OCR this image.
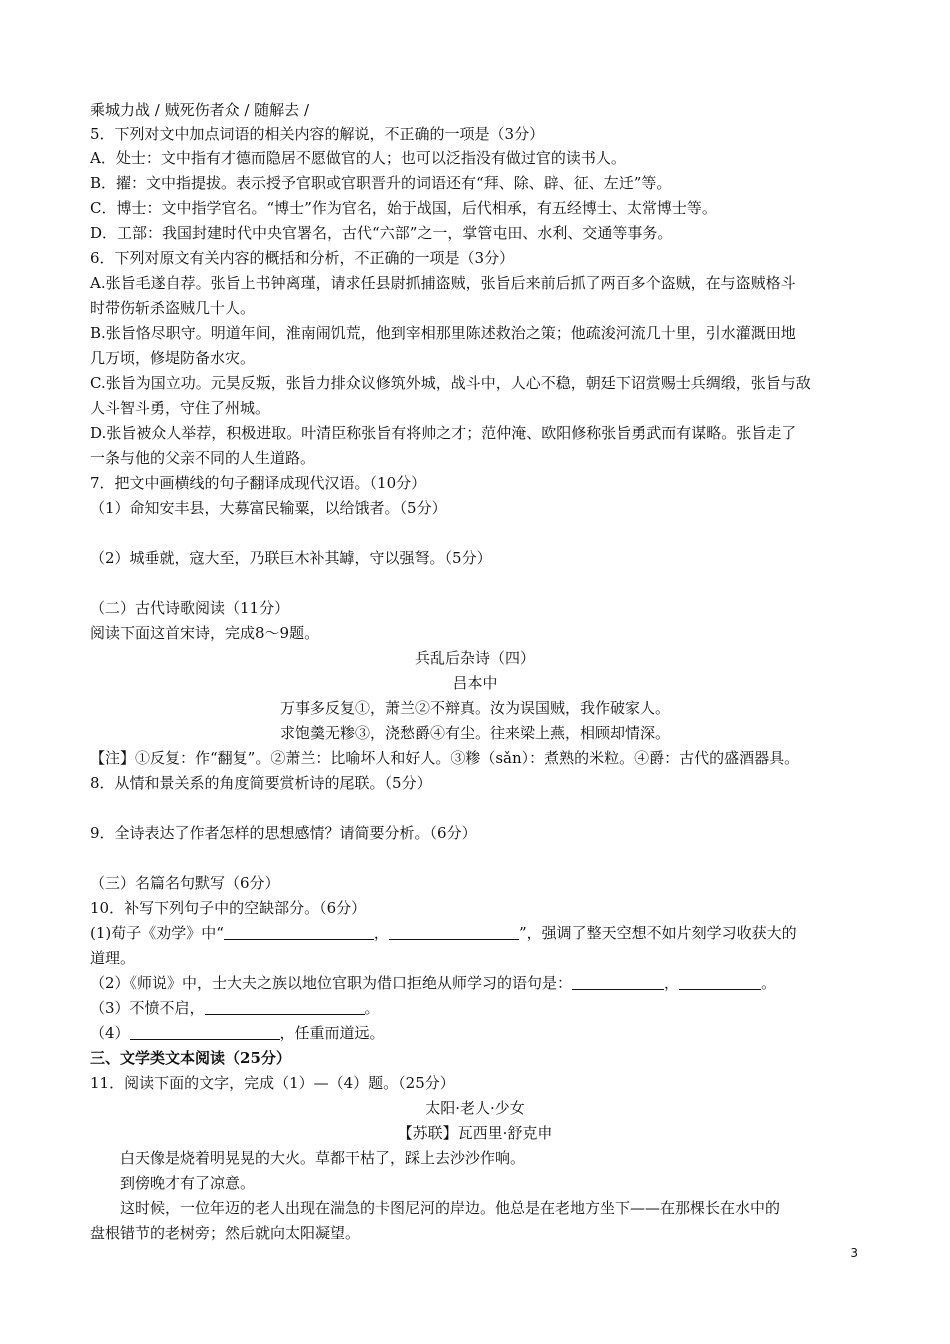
乘城力战 / 贼死伤者众 / 随解去 /
5．下列对文中加点词语的相关内容的解说，不正确的一项是（3分）
A．处士：文中指有才德而隐居不愿做官的人；也可以泛指没有做过官的读书人。
B．擢：文中指提拔。表示授予官职或官职晋升的词语还有“拜、除、辟、征、左迁”等。
C．博士：文中指学官名。“博士”作为官名，始于战国，后代相承，有五经博士、太常博士等。
D．工部：我国封建时代中央官署名，古代“六部”之一，掌管屯田、水利、交通等事务。
6．下列对原文有关内容的概括和分析，不正确的一项是（3分）
A.张旨毛遂自荐。张旨上书钟离瑾，请求任县尉抓捕盗贼，张旨后来前后抓了两百多个盗贼，在与盗贼格斗
时带伤斩杀盗贼几十人。
B.张旨恪尽职守。明道年间，淮南闹饥荒，他到宰相那里陈述救治之策；他疏浚河流几十里，引水灌溉田地
几万顷，修堤防备水灾。
C.张旨为国立功。元昊反叛，张旨力排众议修筑外城，战斗中，人心不稳，朝廷下诏赏赐士兵绸缎，张旨与敌
人斗智斗勇，守住了州城。
D.张旨被众人举荐，积极进取。叶清臣称张旨有将帅之才；范仲淹、欧阳修称张旨勇武而有谋略。张旨走了
一条与他的父亲不同的人生道路。
7．把文中画横线的句子翻译成现代汉语。（10分）
（1）命知安丰县，大募富民输粟，以给饿者。（5分）
（2）城垂就，寇大至，乃联巨木补其罅，守以强弩。（5分）
（二）古代诗歌阅读（11分）
阅读下面这首宋诗，完成8～9题。
兵乱后杂诗（四）
吕本中
万事多反复①，萧兰②不辩真。汝为误国贼，我作破家人。
求饱羹无糁③，浇愁爵④有尘。往来梁上燕，相顾却情深。
【注】①反复：作“翻复”。②萧兰：比喻坏人和好人。③糁（sǎn）：煮熟的米粒。④爵：古代的盛酒器具。
8．从情和景关系的角度简要赏析诗的尾联。（5分）
9．全诗表达了作者怎样的思想感情？请简要分析。（6分）
（三）名篇名句默写（6分）
10．补写下列句子中的空缺部分。（6分）
(1)荀子《劝学》中“	，	”，强调了整天空想不如片刻学习收获大的
道理。
（2）《师说》中，士大夫之族以地位官职为借口拒绝从师学习的语句是：	，	。
（3）不愤不启，	。
（4）	，任重而道远。
三、文学类文本阅读（25分）
11．阅读下面的文字，完成（1）—（4）题。（25分）
太阳·老人·少女
【苏联】瓦西里·舒克申
白天像是烧着明晃晃的大火。草都干枯了，踩上去沙沙作响。
到傍晚才有了凉意。
这时候，一位年迈的老人出现在湍急的卡图尼河的岸边。他总是在老地方坐下——在那棵长在水中的
盘根错节的老树旁；然后就向太阳凝望。
3
